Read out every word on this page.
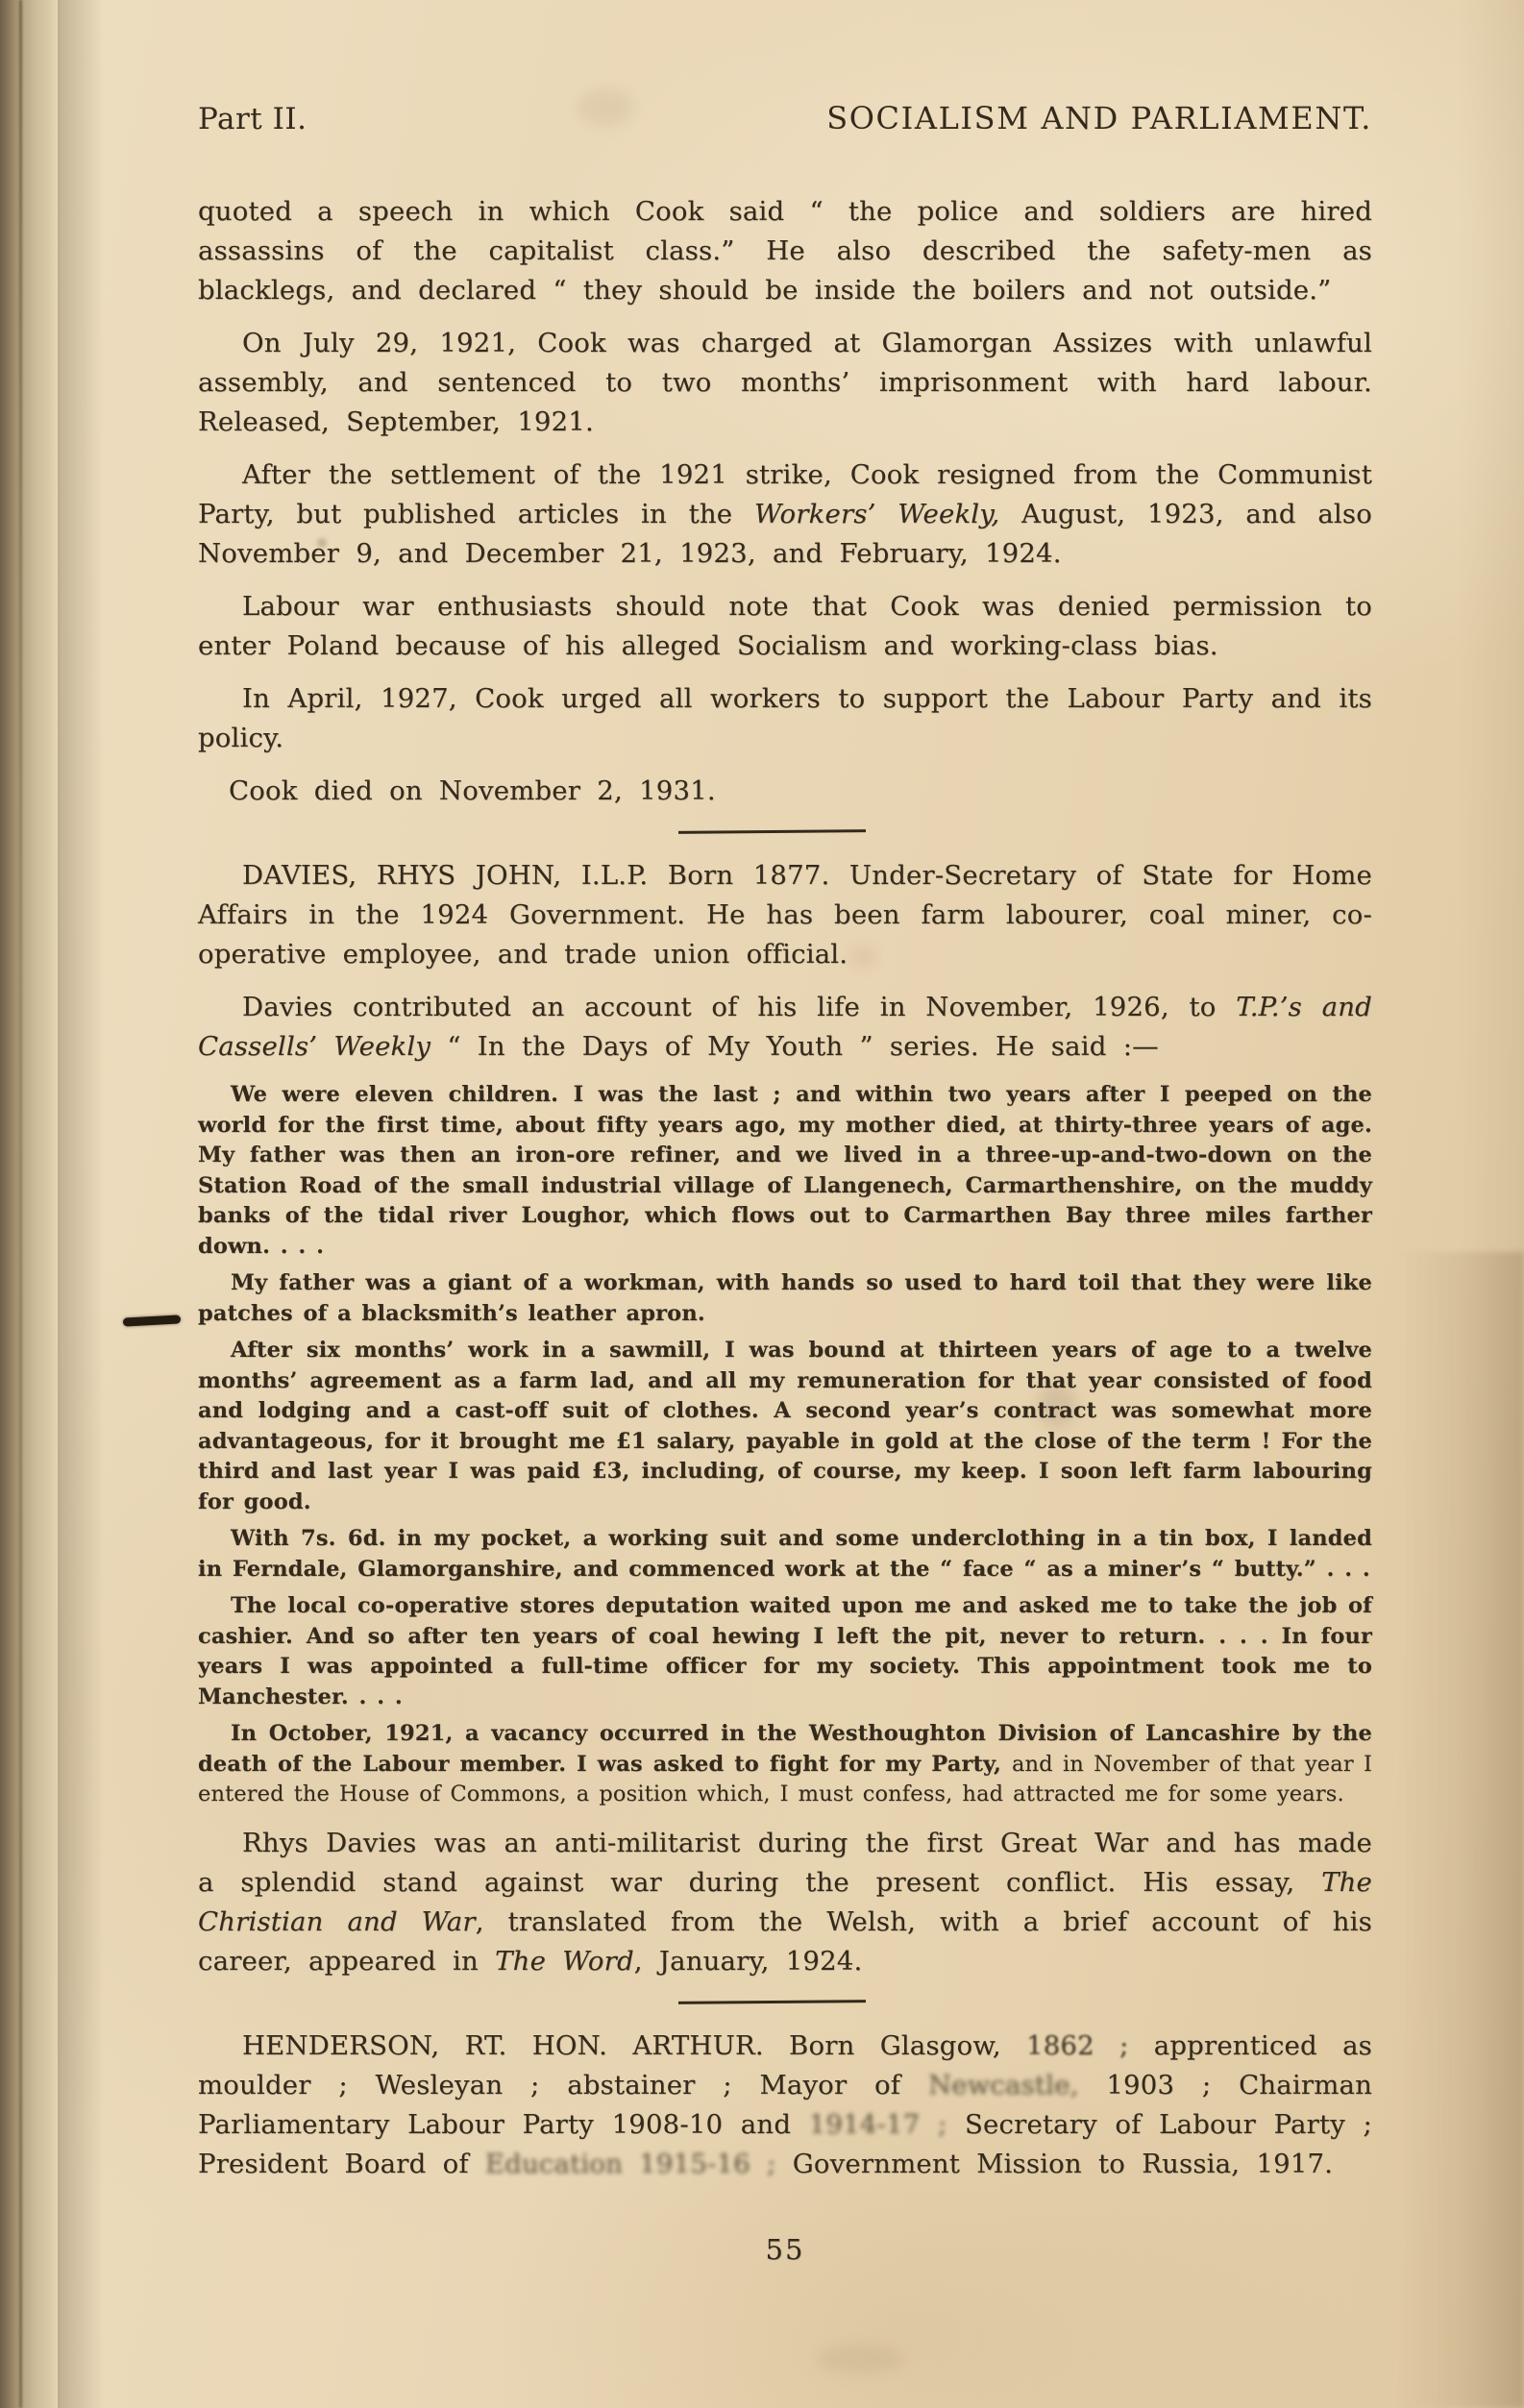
Part II.	SOCIALISM AND PARLIAMENT.

quoted a speech in which Cook said “ the police and soldiers are hired assassins of the capitalist class.” He also described the safety-men as blacklegs, and declared “ they should be inside the boilers and not outside.”

On July 29, 1921, Cook was charged at Glamorgan Assizes with unlawful assembly, and sentenced to two months’ imprisonment with hard labour. Released, September, 1921.

After the settlement of the 1921 strike, Cook resigned from the Communist Party, but published articles in the Workers’ Weekly, August, 1923, and also November 9, and December 21, 1923, and February, 1924.

Labour war enthusiasts should note that Cook was denied permission to enter Poland because of his alleged Socialism and working-class bias.

In April, 1927, Cook urged all workers to support the Labour Party and its policy.

Cook died on November 2, 1931.

DAVIES, RHYS JOHN, I.L.P. Born 1877. Under-Secretary of State for Home Affairs in the 1924 Government. He has been farm labourer, coal miner, co-operative employee, and trade union official.

Davies contributed an account of his life in November, 1926, to T.P.’s and Cassells’ Weekly “ In the Days of My Youth ” series. He said :—

We were eleven children. I was the last ; and within two years after I peeped on the world for the first time, about fifty years ago, my mother died, at thirty-three years of age. My father was then an iron-ore refiner, and we lived in a three-up-and-two-down on the Station Road of the small industrial village of Llangenech, Carmarthenshire, on the muddy banks of the tidal river Loughor, which flows out to Carmarthen Bay three miles farther down. . . .

My father was a giant of a workman, with hands so used to hard toil that they were like patches of a blacksmith’s leather apron.

After six months’ work in a sawmill, I was bound at thirteen years of age to a twelve months’ agreement as a farm lad, and all my remuneration for that year consisted of food and lodging and a cast-off suit of clothes. A second year’s contract was somewhat more advantageous, for it brought me £1 salary, payable in gold at the close of the term ! For the third and last year I was paid £3, including, of course, my keep. I soon left farm labouring for good.

With 7s. 6d. in my pocket, a working suit and some underclothing in a tin box, I landed in Ferndale, Glamorganshire, and commenced work at the “ face “ as a miner’s “ butty.” . . .

The local co-operative stores deputation waited upon me and asked me to take the job of cashier. And so after ten years of coal hewing I left the pit, never to return. . . . In four years I was appointed a full-time officer for my society. This appointment took me to Manchester. . . .

In October, 1921, a vacancy occurred in the Westhoughton Division of Lancashire by the death of the Labour member. I was asked to fight for my Party, and in November of that year I entered the House of Commons, a position which, I must confess, had attracted me for some years.

Rhys Davies was an anti-militarist during the first Great War and has made a splendid stand against war during the present conflict. His essay, The Christian and War, translated from the Welsh, with a brief account of his career, appeared in The Word, January, 1924.

HENDERSON, RT. HON. ARTHUR. Born Glasgow, 1862 ; apprenticed as moulder ; Wesleyan ; abstainer ; Mayor of Newcastle, 1903 ; Chairman Parliamentary Labour Party 1908-10 and 1914-17 ; Secretary of Labour Party ; President Board of Education 1915-16 ; Government Mission to Russia, 1917.

55
